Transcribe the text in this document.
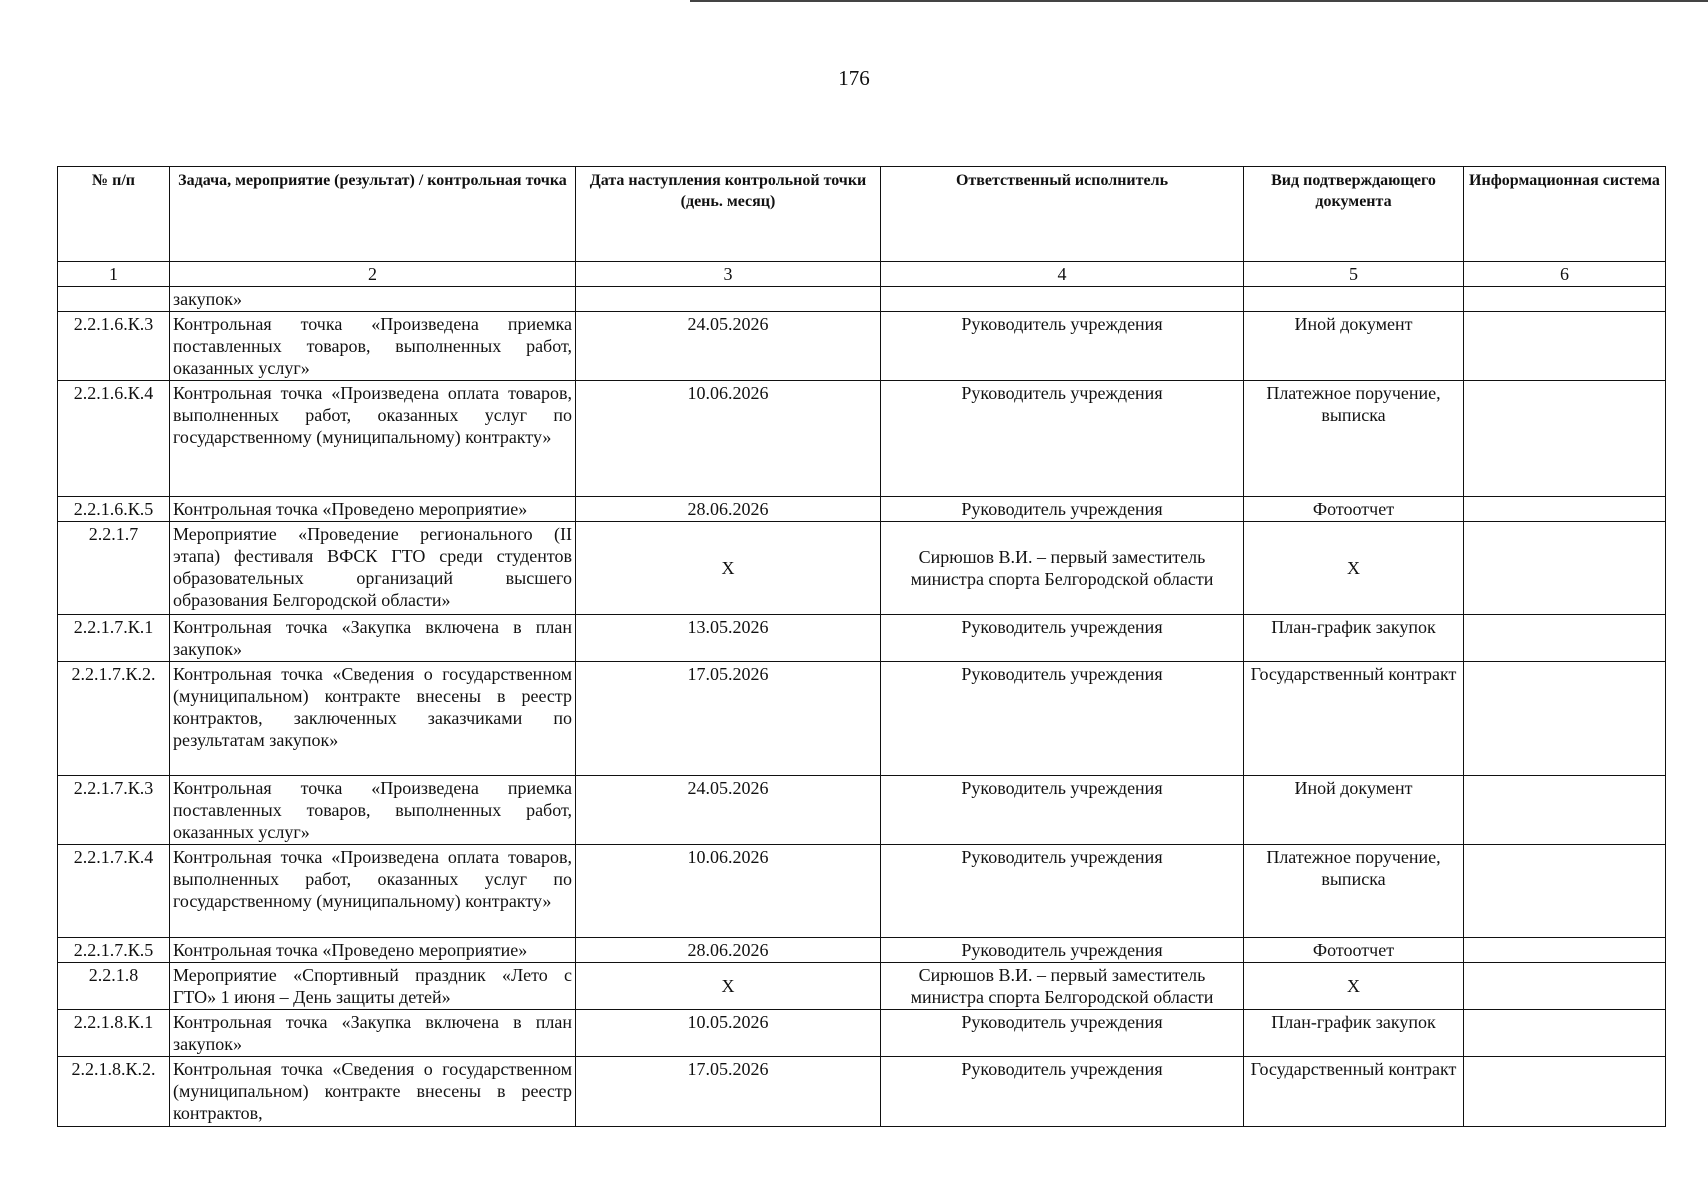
176
№ п/п	Задача, мероприятие (результат) / контрольная точка	Дата наступления контрольной точки (день. месяц)	Ответственный исполнитель	Вид подтверждающего документа	Информационная система
1	2	3	4	5	6
	закупок»				
2.2.1.6.К.3	Контрольная точка «Произведена приемка поставленных товаров, выполненных работ, оказанных услуг»	24.05.2026	Руководитель учреждения	Иной документ	
2.2.1.6.К.4	Контрольная точка «Произведена оплата товаров, выполненных работ, оказанных услуг по государственному (муниципальному) контракту»	10.06.2026	Руководитель учреждения	Платежное поручение, выписка	
2.2.1.6.К.5	Контрольная точка «Проведено мероприятие»	28.06.2026	Руководитель учреждения	Фотоотчет	
2.2.1.7	Мероприятие «Проведение регионального (II этапа) фестиваля ВФСК ГТО среди студентов образовательных организаций высшего образования Белгородской области»	Х	Сирюшов В.И. – первый заместитель министра спорта Белгородской области	Х	
2.2.1.7.К.1	Контрольная точка «Закупка включена в план закупок»	13.05.2026	Руководитель учреждения	План-график закупок	
2.2.1.7.К.2.	Контрольная точка «Сведения о государственном (муниципальном) контракте внесены в реестр контрактов, заключенных заказчиками по результатам закупок»	17.05.2026	Руководитель учреждения	Государственный контракт	
2.2.1.7.К.3	Контрольная точка «Произведена приемка поставленных товаров, выполненных работ, оказанных услуг»	24.05.2026	Руководитель учреждения	Иной документ	
2.2.1.7.К.4	Контрольная точка «Произведена оплата товаров, выполненных работ, оказанных услуг по государственному (муниципальному) контракту»	10.06.2026	Руководитель учреждения	Платежное поручение, выписка	
2.2.1.7.К.5	Контрольная точка «Проведено мероприятие»	28.06.2026	Руководитель учреждения	Фотоотчет	
2.2.1.8	Мероприятие «Спортивный праздник «Лето с ГТО» 1 июня – День защиты детей»	Х	Сирюшов В.И. – первый заместитель министра спорта Белгородской области	Х	
2.2.1.8.К.1	Контрольная точка «Закупка включена в план закупок»	10.05.2026	Руководитель учреждения	План-график закупок	
2.2.1.8.К.2.	Контрольная точка «Сведения о государственном (муниципальном) контракте внесены в реестр контрактов,	17.05.2026	Руководитель учреждения	Государственный контракт	
